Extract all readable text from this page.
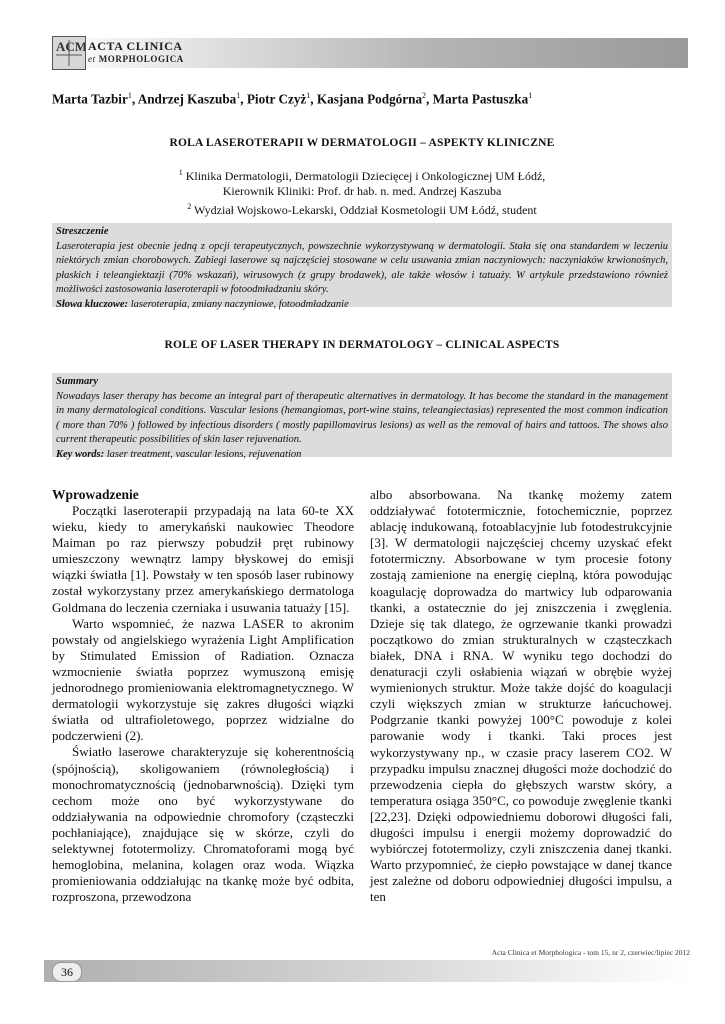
ACM ACTA CLINICA
et MORPHOLOGICA
Marta Tazbir$^1$, Andrzej Kaszuba$^1$, Piotr Czyż$^1$, Kasjana Podgórna$^2$, Marta Pastuszka$^1$
ROLA LASEROTERAPII W DERMATOLOGII – ASPEKTY KLINICZNE
$^1$ Klinika Dermatologii, Dermatologii Dziecięcej i Onkologicznej UM Łódź,
Kierownik Kliniki: Prof. dr hab. n. med. Andrzej Kaszuba
$^2$ Wydział Wojskowo-Lekarski, Oddział Kosmetologii UM Łódź, student
Streszczenie
Laseroterapia jest obecnie jedną z opcji terapeutycznych, powszechnie wykorzystywaną w dermatologii. Stała się ona standardem w leczeniu niektórych zmian chorobowych. Zabiegi laserowe są najczęściej stosowane w celu usuwania zmian naczyniowych: naczyniaków krwionośnych, płaskich i teleangiektazji (70% wskazań), wirusowych (z grupy brodawek), ale także włosów i tatuaży. W artykule przedstawiono również możliwości zastosowania laseroterapii w fotoodmładzaniu skóry.
Słowa kluczowe: laseroterapia, zmiany naczyniowe, fotoodmładzanie
ROLE OF LASER THERAPY IN DERMATOLOGY – CLINICAL ASPECTS
Summary
Nowadays laser therapy has become an integral part of therapeutic alternatives in dermatology. It has become the standard in the management in many dermatological conditions. Vascular lesions (hemangiomas, port-wine stains, teleangiectasias) represented the most common indication ( more than 70% ) followed by infectious disorders ( mostly papillomavirus lesions) as well as the removal of hairs and tattoos. The shows also current therapeutic possibilities of skin laser rejuvenation.
Key words: laser treatment, vascular lesions, rejuvenation

Wprowadzenie

Początki laseroterapii przypadają na lata 60-te XX wieku, kiedy to amerykański naukowiec Theodore Maiman po raz pierwszy pobudził pręt rubinowy umieszczony wewnątrz lampy błyskowej do emisji wiązki światła [1]. Powstały w ten sposób laser rubinowy został wykorzystany przez amerykańskiego dermatologa Goldmana do leczenia czerniaka i usuwania tatuaży [15].

Warto wspomnieć, że nazwa LASER to akronim powstały od angielskiego wyrażenia Light Amplification by Stimulated Emission of Radiation. Oznacza wzmocnienie światła poprzez wymuszoną emisję jednorodnego promieniowania elektromagnetycznego. W dermatologii wykorzystuje się zakres długości wiązki światła od ultrafioletowego, poprzez widzialne do podczerwieni (2).

Światło laserowe charakteryzuje się koherentnością (spójnością), skoligowaniem (równoległością) i monochromatycznością (jednobarwnością). Dzięki tym cechom może ono być wykorzystywane do oddziaływania na odpowiednie chromofory (cząsteczki pochłaniające), znajdujące się w skórze, czyli do selektywnej fototermolizy. Chromatoforami mogą być hemoglobina, melanina, kolagen oraz woda. Wiązka promieniowania oddziałując na tkankę może być odbita, rozproszona, przewodzona

albo absorbowana. Na tkankę możemy zatem oddziaływać fototermicznie, fotochemicznie, poprzez ablację indukowaną, fotoablacyjnie lub fotodestrukcyjnie [3]. W dermatologii najczęściej chcemy uzyskać efekt fototermiczny. Absorbowane w tym procesie fotony zostają zamienione na energię cieplną, która powodując koagulację doprowadza do martwicy lub odparowania tkanki, a ostatecznie do jej zniszczenia i zwęglenia. Dzieje się tak dlatego, że ogrzewanie tkanki prowadzi początkowo do zmian strukturalnych w cząsteczkach białek, DNA i RNA. W wyniku tego dochodzi do denaturacji czyli osłabienia wiązań w obrębie wyżej wymienionych struktur. Może także dojść do koagulacji czyli większych zmian w strukturze łańcuchowej. Podgrzanie tkanki powyżej 100°C powoduje z kolei parowanie wody i tkanki. Taki proces jest wykorzystywany np., w czasie pracy laserem CO2. W przypadku impulsu znacznej długości może dochodzić do przewodzenia ciepła do głębszych warstw skóry, a temperatura osiąga 350°C, co powoduje zwęglenie tkanki [22,23]. Dzięki odpowiedniemu doborowi długości fali, długości impulsu i energii możemy doprowadzić do wybiórczej fototermolizy, czyli zniszczenia danej tkanki. Warto przypomnieć, że ciepło powstające w danej tkance jest zależne od doboru odpowiedniej długości impulsu, a ten

Acta Clinica et Morphologica - tom 15, nr 2, czerwiec/lipiec 2012
36
